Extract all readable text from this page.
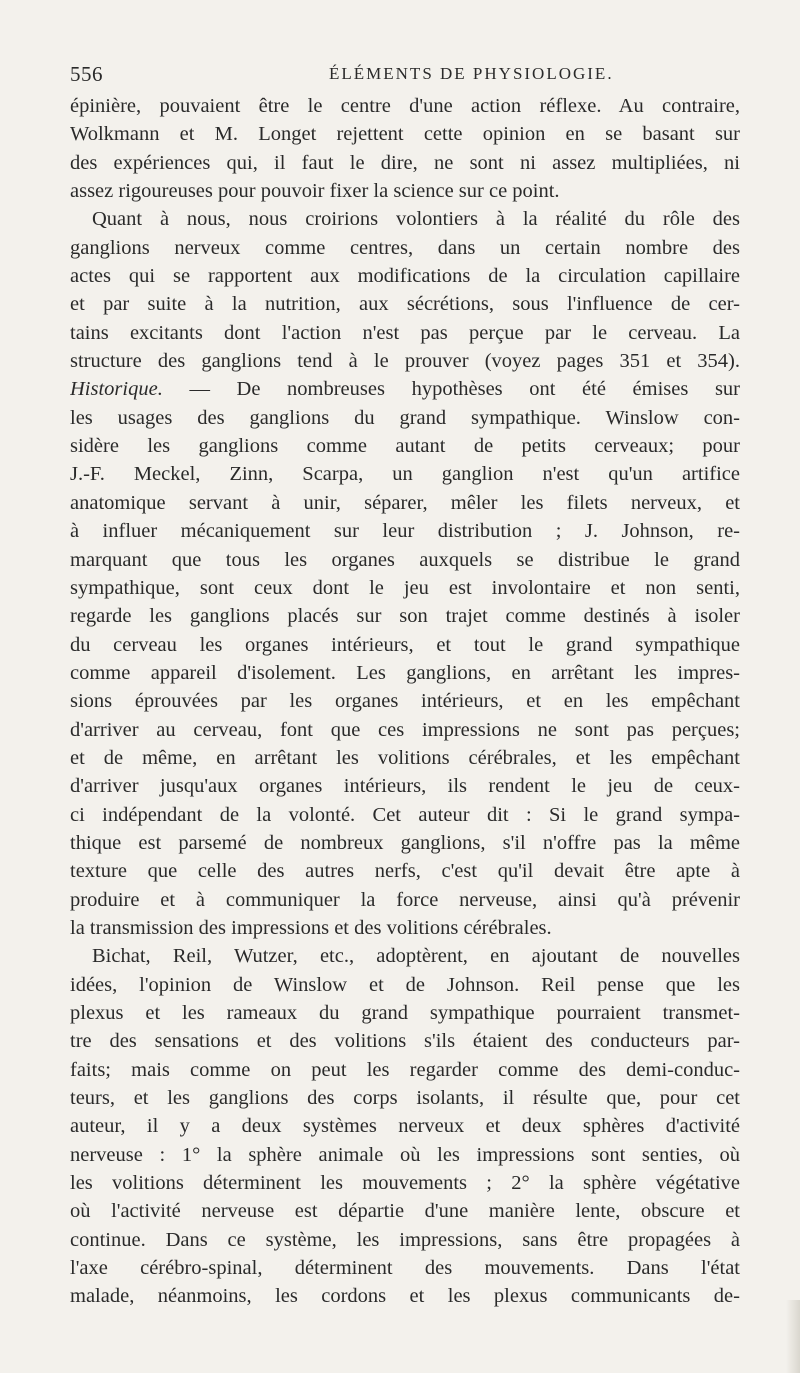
556	ÉLÉMENTS DE PHYSIOLOGIE.
épinière, pouvaient être le centre d'une action réflexe. Au contraire,
Wolkmann et M. Longet rejettent cette opinion en se basant sur
des expériences qui, il faut le dire, ne sont ni assez multipliées, ni
assez rigoureuses pour pouvoir fixer la science sur ce point.
Quant à nous, nous croirions volontiers à la réalité du rôle des
ganglions nerveux comme centres, dans un certain nombre des
actes qui se rapportent aux modifications de la circulation capillaire
et par suite à la nutrition, aux sécrétions, sous l'influence de cer-
tains excitants dont l'action n'est pas perçue par le cerveau. La
structure des ganglions tend à le prouver (voyez pages 351 et 354).
Historique. — De nombreuses hypothèses ont été émises sur
les usages des ganglions du grand sympathique. Winslow con-
sidère les ganglions comme autant de petits cerveaux; pour
J.-F. Meckel, Zinn, Scarpa, un ganglion n'est qu'un artifice
anatomique servant à unir, séparer, mêler les filets nerveux, et
à influer mécaniquement sur leur distribution ; J. Johnson, re-
marquant que tous les organes auxquels se distribue le grand
sympathique, sont ceux dont le jeu est involontaire et non senti,
regarde les ganglions placés sur son trajet comme destinés à isoler
du cerveau les organes intérieurs, et tout le grand sympathique
comme appareil d'isolement. Les ganglions, en arrêtant les impres-
sions éprouvées par les organes intérieurs, et en les empêchant
d'arriver au cerveau, font que ces impressions ne sont pas perçues;
et de même, en arrêtant les volitions cérébrales, et les empêchant
d'arriver jusqu'aux organes intérieurs, ils rendent le jeu de ceux-
ci indépendant de la volonté. Cet auteur dit : Si le grand sympa-
thique est parsemé de nombreux ganglions, s'il n'offre pas la même
texture que celle des autres nerfs, c'est qu'il devait être apte à
produire et à communiquer la force nerveuse, ainsi qu'à prévenir
la transmission des impressions et des volitions cérébrales.
Bichat, Reil, Wutzer, etc., adoptèrent, en ajoutant de nouvelles
idées, l'opinion de Winslow et de Johnson. Reil pense que les
plexus et les rameaux du grand sympathique pourraient transmet-
tre des sensations et des volitions s'ils étaient des conducteurs par-
faits; mais comme on peut les regarder comme des demi-conduc-
teurs, et les ganglions des corps isolants, il résulte que, pour cet
auteur, il y a deux systèmes nerveux et deux sphères d'activité
nerveuse : 1° la sphère animale où les impressions sont senties, où
les volitions déterminent les mouvements ; 2° la sphère végétative
où l'activité nerveuse est départie d'une manière lente, obscure et
continue. Dans ce système, les impressions, sans être propagées à
l'axe cérébro-spinal, déterminent des mouvements. Dans l'état
malade, néanmoins, les cordons et les plexus communicants de-
